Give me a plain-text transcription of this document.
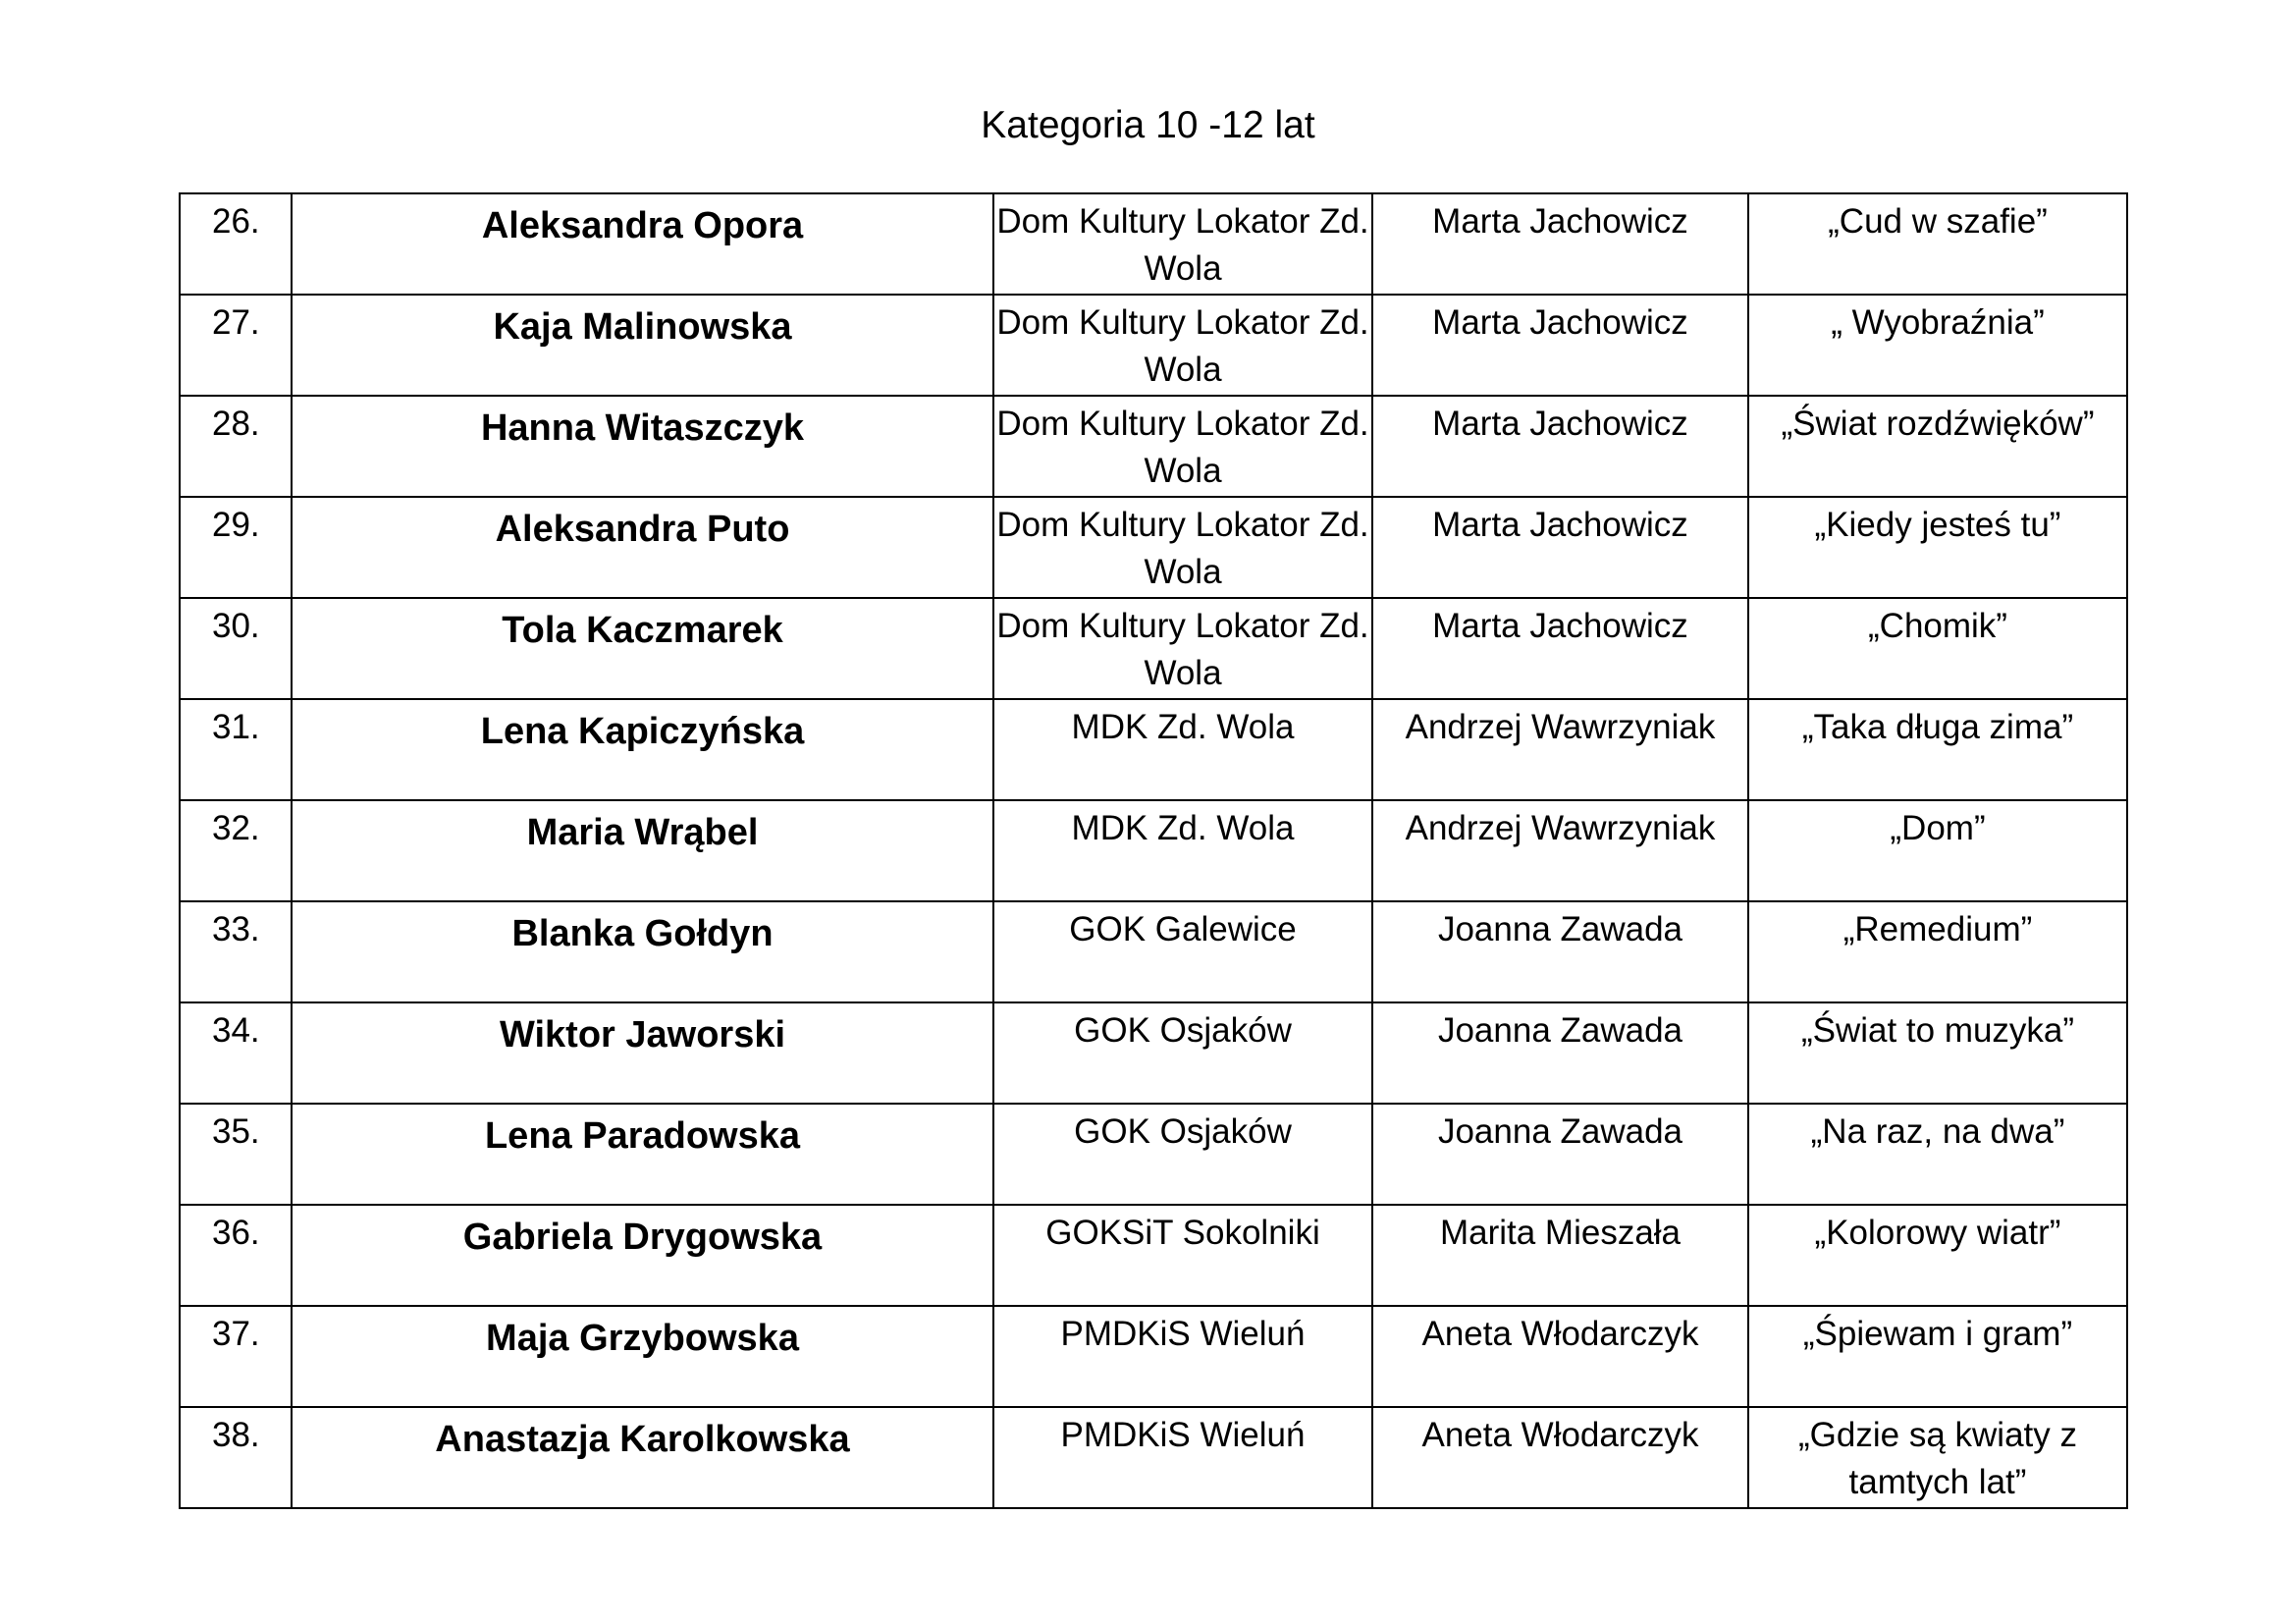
Kategoria 10 -12 lat
26.	Aleksandra Opora	Dom Kultury Lokator Zd. Wola	Marta Jachowicz	„Cud w szafie”
27.	Kaja Malinowska	Dom Kultury Lokator Zd. Wola	Marta Jachowicz	„ Wyobraźnia”
28.	Hanna Witaszczyk	Dom Kultury Lokator Zd. Wola	Marta Jachowicz	„Świat rozdźwięków”
29.	Aleksandra Puto	Dom Kultury Lokator Zd. Wola	Marta Jachowicz	„Kiedy jesteś tu”
30.	Tola Kaczmarek	Dom Kultury Lokator Zd. Wola	Marta Jachowicz	„Chomik”
31.	Lena Kapiczyńska	MDK Zd. Wola	Andrzej Wawrzyniak	„Taka długa zima”
32.	Maria Wrąbel	MDK Zd. Wola	Andrzej Wawrzyniak	„Dom”
33.	Blanka Gołdyn	GOK Galewice	Joanna Zawada	„Remedium”
34.	Wiktor Jaworski	GOK Osjaków	Joanna Zawada	„Świat to muzyka”
35.	Lena Paradowska	GOK Osjaków	Joanna Zawada	„Na raz, na dwa”
36.	Gabriela Drygowska	GOKSiT Sokolniki	Marita Mieszała	„Kolorowy wiatr”
37.	Maja Grzybowska	PMDKiS Wieluń	Aneta Włodarczyk	„Śpiewam i gram”
38.	Anastazja Karolkowska	PMDKiS Wieluń	Aneta Włodarczyk	„Gdzie są kwiaty z tamtych lat”
